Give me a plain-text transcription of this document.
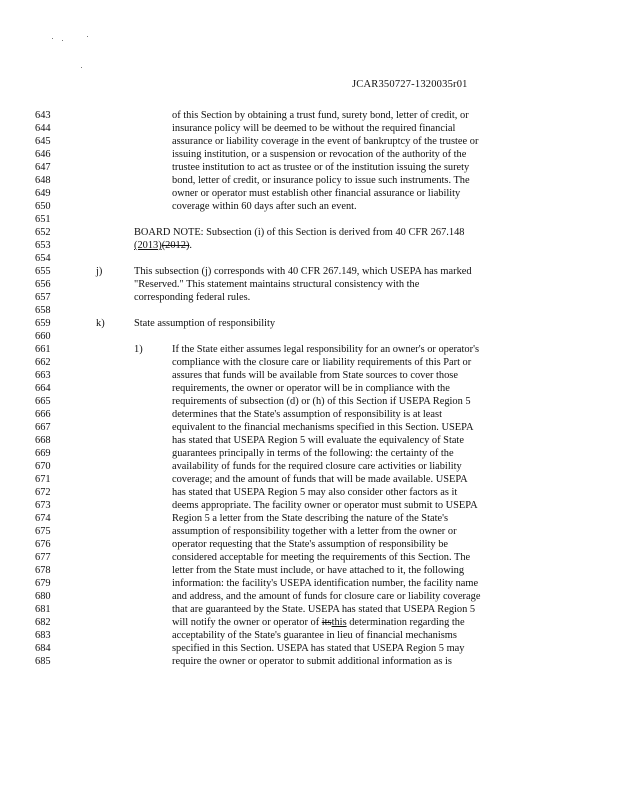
JCAR350727-1320035r01
643	of this Section by obtaining a trust fund, surety bond, letter of credit, or
644	insurance policy will be deemed to be without the required financial
645	assurance or liability coverage in the event of bankruptcy of the trustee or
646	issuing institution, or a suspension or revocation of the authority of the
647	trustee institution to act as trustee or of the institution issuing the surety
648	bond, letter of credit, or insurance policy to issue such instruments. The
649	owner or operator must establish other financial assurance or liability
650	coverage within 60 days after such an event.
651
652	BOARD NOTE: Subsection (i) of this Section is derived from 40 CFR 267.148
653	(2013)(2012).
654
655	j)	This subsection (j) corresponds with 40 CFR 267.149, which USEPA has marked
656	"Reserved." This statement maintains structural consistency with the
657	corresponding federal rules.
658
659	k)	State assumption of responsibility
660
661	1)	If the State either assumes legal responsibility for an owner's or operator's
662	compliance with the closure care or liability requirements of this Part or
663	assures that funds will be available from State sources to cover those
664	requirements, the owner or operator will be in compliance with the
665	requirements of subsection (d) or (h) of this Section if USEPA Region 5
666	determines that the State's assumption of responsibility is at least
667	equivalent to the financial mechanisms specified in this Section. USEPA
668	has stated that USEPA Region 5 will evaluate the equivalency of State
669	guarantees principally in terms of the following: the certainty of the
670	availability of funds for the required closure care activities or liability
671	coverage; and the amount of funds that will be made available. USEPA
672	has stated that USEPA Region 5 may also consider other factors as it
673	deems appropriate. The facility owner or operator must submit to USEPA
674	Region 5 a letter from the State describing the nature of the State's
675	assumption of responsibility together with a letter from the owner or
676	operator requesting that the State's assumption of responsibility be
677	considered acceptable for meeting the requirements of this Section. The
678	letter from the State must include, or have attached to it, the following
679	information: the facility's USEPA identification number, the facility name
680	and address, and the amount of funds for closure care or liability coverage
681	that are guaranteed by the State. USEPA has stated that USEPA Region 5
682	will notify the owner or operator of itsthis determination regarding the
683	acceptability of the State's guarantee in lieu of financial mechanisms
684	specified in this Section. USEPA has stated that USEPA Region 5 may
685	require the owner or operator to submit additional information as is
